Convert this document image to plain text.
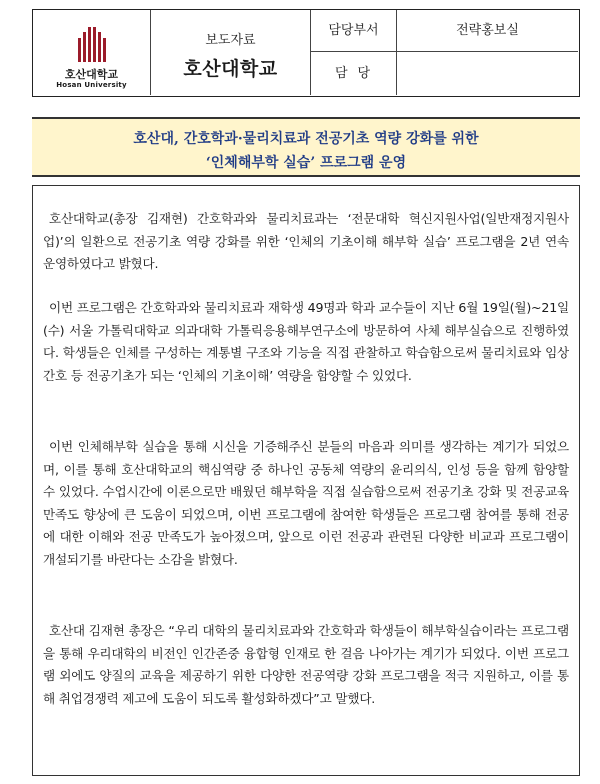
호산대학교
Hosan University
보도자료
호산대학교
담당부서	전략홍보실
담당
호산대, 간호학과·물리치료과 전공기초 역량 강화를 위한
‘인체해부학 실습’ 프로그램 운영

호산대학교(총장 김재현) 간호학과와 물리치료과는 ‘전문대학 혁신지원사업(일반재정지원사업)’의 일환으로 전공기초 역량 강화를 위한 ‘인체의 기초이해 해부학 실습’ 프로그램을 2년 연속 운영하였다고 밝혔다.

이번 프로그램은 간호학과와 물리치료과 재학생 49명과 학과 교수들이 지난 6월 19일(월)~21일(수) 서울 가톨릭대학교 의과대학 가톨릭응용해부연구소에 방문하여 사체 해부실습으로 진행하였다. 학생들은 인체를 구성하는 계통별 구조와 기능을 직접 관찰하고 학습함으로써 물리치료와 임상간호 등 전공기초가 되는 ‘인체의 기초이해’ 역량을 함양할 수 있었다.

이번 인체해부학 실습을 통해 시신을 기증해주신 분들의 마음과 의미를 생각하는 계기가 되었으며, 이를 통해 호산대학교의 핵심역량 중 하나인 공동체 역량의 윤리의식, 인성 등을 함께 함양할 수 있었다. 수업시간에 이론으로만 배웠던 해부학을 직접 실습함으로써 전공기초 강화 및 전공교육 만족도 향상에 큰 도움이 되었으며, 이번 프로그램에 참여한 학생들은 프로그램 참여를 통해 전공에 대한 이해와 전공 만족도가 높아졌으며, 앞으로 이런 전공과 관련된 다양한 비교과 프로그램이 개설되기를 바란다는 소감을 밝혔다.

호산대 김재현 총장은 “우리 대학의 물리치료과와 간호학과 학생들이 해부학실습이라는 프로그램을 통해 우리대학의 비전인 인간존중 융합형 인재로 한 걸음 나아가는 계기가 되었다. 이번 프로그램 외에도 양질의 교육을 제공하기 위한 다양한 전공역량 강화 프로그램을 적극 지원하고, 이를 통해 취업경쟁력 제고에 도움이 되도록 활성화하겠다”고 말했다.
